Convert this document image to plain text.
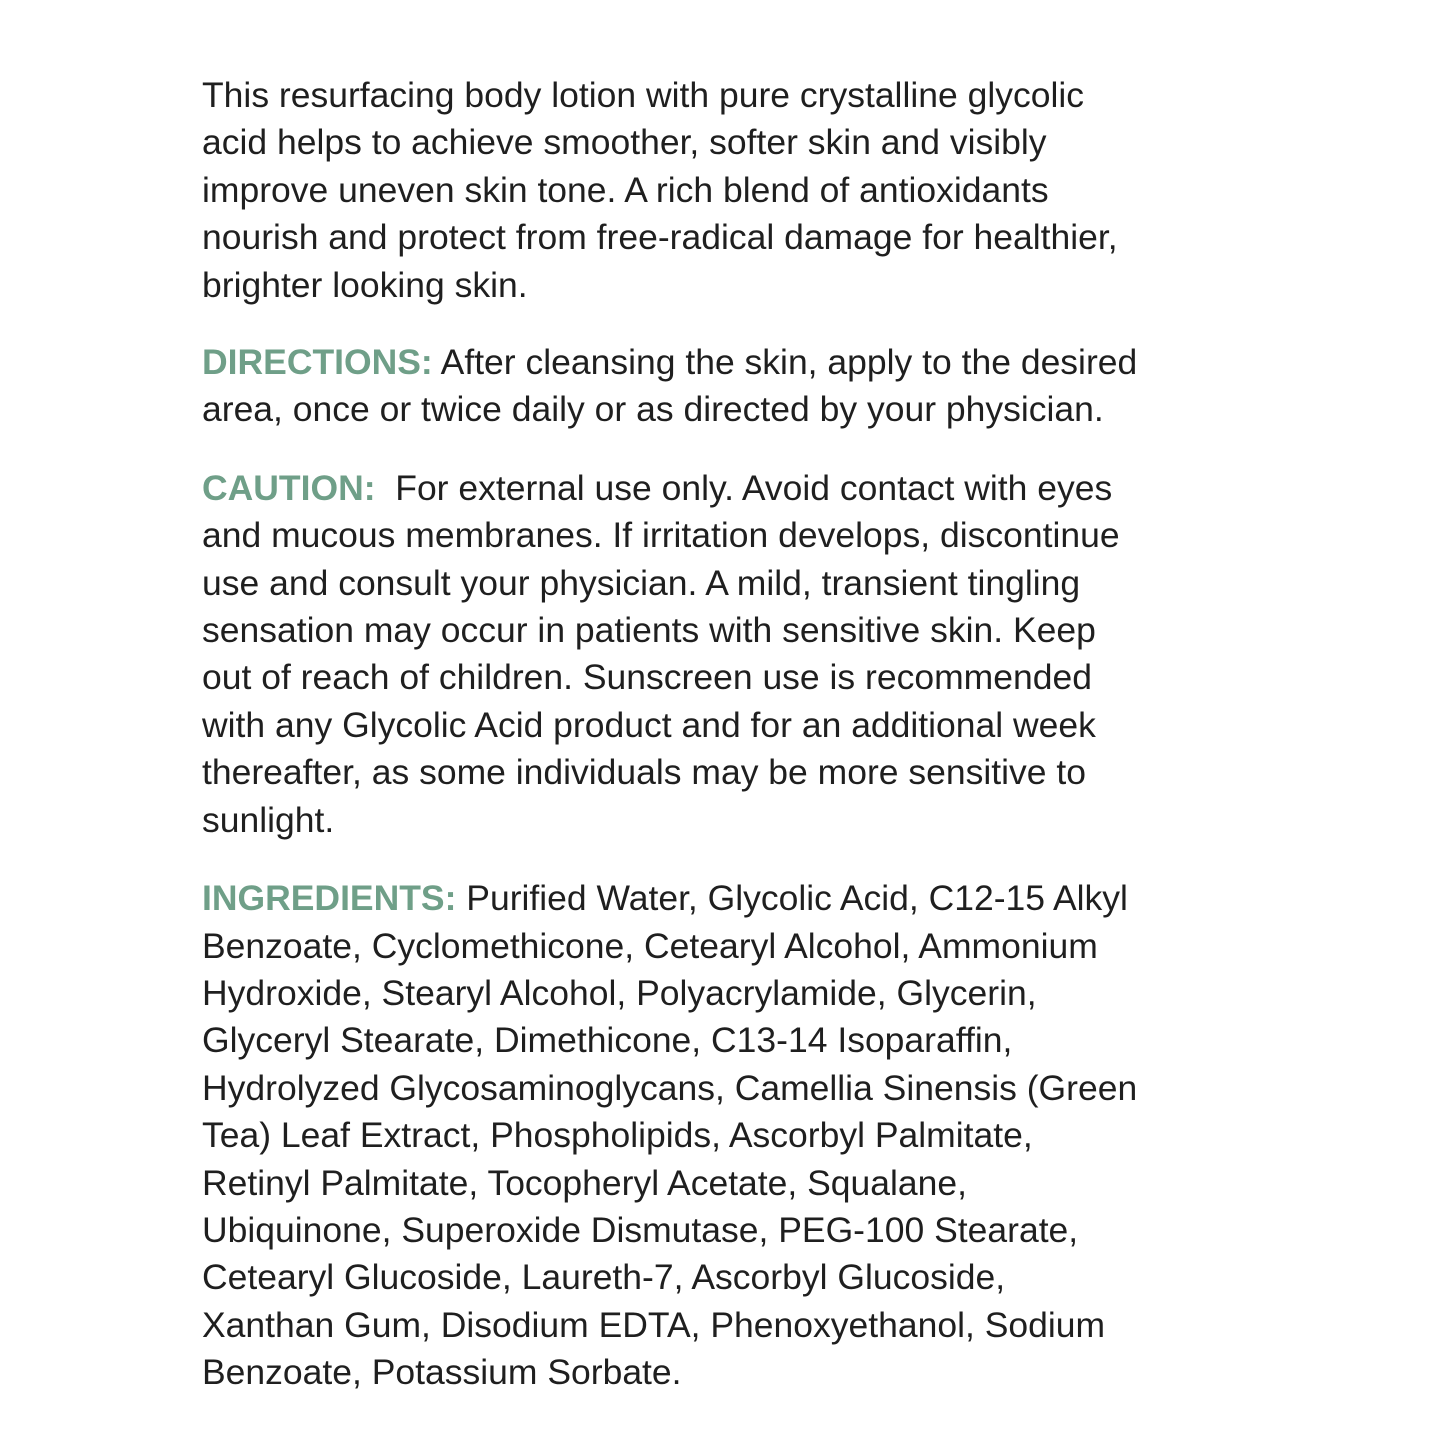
This resurfacing body lotion with pure crystalline glycolic
acid helps to achieve smoother, softer skin and visibly
improve uneven skin tone. A rich blend of antioxidants
nourish and protect from free-radical damage for healthier,
brighter looking skin.
DIRECTIONS: After cleansing the skin, apply to the desired
area, once or twice daily or as directed by your physician.
CAUTION:  For external use only. Avoid contact with eyes
and mucous membranes. If irritation develops, discontinue
use and consult your physician. A mild, transient tingling
sensation may occur in patients with sensitive skin. Keep
out of reach of children. Sunscreen use is recommended
with any Glycolic Acid product and for an additional week
thereafter, as some individuals may be more sensitive to
sunlight.
INGREDIENTS: Purified Water, Glycolic Acid, C12-15 Alkyl
Benzoate, Cyclomethicone, Cetearyl Alcohol, Ammonium
Hydroxide, Stearyl Alcohol, Polyacrylamide, Glycerin,
Glyceryl Stearate, Dimethicone, C13-14 Isoparaffin,
Hydrolyzed Glycosaminoglycans, Camellia Sinensis (Green
Tea) Leaf Extract, Phospholipids, Ascorbyl Palmitate,
Retinyl Palmitate, Tocopheryl Acetate, Squalane,
Ubiquinone, Superoxide Dismutase, PEG-100 Stearate,
Cetearyl Glucoside, Laureth-7, Ascorbyl Glucoside,
Xanthan Gum, Disodium EDTA, Phenoxyethanol, Sodium
Benzoate, Potassium Sorbate.
